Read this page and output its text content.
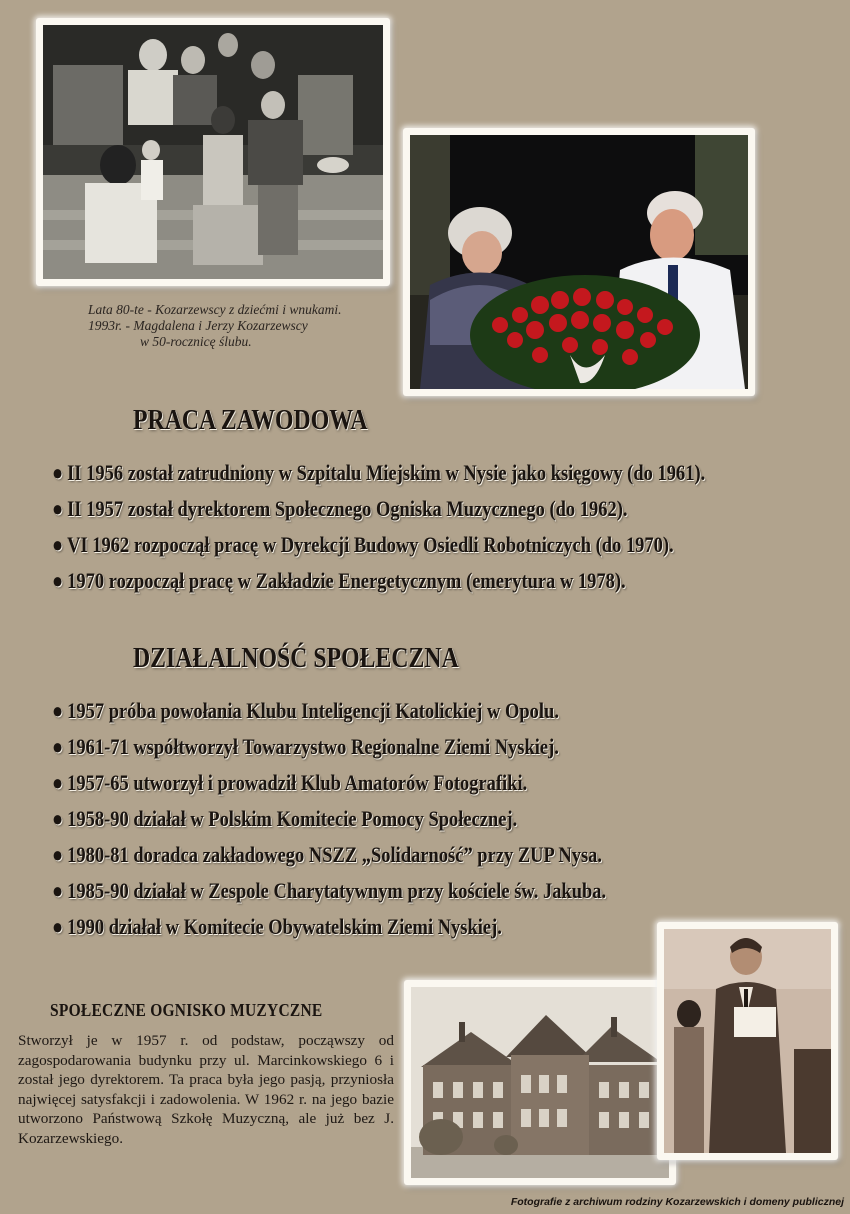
Lata 80-te - Kozarzewscy z dziećmi i wnukami.
1993r. - Magdalena i Jerzy Kozarzewscy
w 50-rocznicę ślubu.
PRACA ZAWODOWA
● II 1956 został zatrudniony w Szpitalu Miejskim w Nysie jako księgowy (do 1961).
● II 1957 został dyrektorem Społecznego Ogniska Muzycznego (do 1962).
● VI 1962 rozpoczął pracę w Dyrekcji Budowy Osiedli Robotniczych (do 1970).
● 1970 rozpoczął pracę w Zakładzie Energetycznym (emerytura w 1978).
DZIAŁALNOŚĆ SPOŁECZNA
● 1957 próba powołania Klubu Inteligencji Katolickiej w Opolu.
● 1961-71 współtworzył Towarzystwo Regionalne Ziemi Nyskiej.
● 1957-65 utworzył i prowadził Klub Amatorów Fotografiki.
● 1958-90 działał w Polskim Komitecie Pomocy Społecznej.
● 1980-81 doradca zakładowego NSZZ „Solidarność” przy ZUP Nysa.
● 1985-90 działał w Zespole Charytatywnym przy kościele św. Jakuba.
● 1990 działał w Komitecie Obywatelskim Ziemi Nyskiej.
SPOŁECZNE OGNISKO MUZYCZNE
Stworzył je w 1957 r. od podstaw, począwszy od zagospodarowania budynku przy ul. Marcinkowskiego 6 i został jego dyrektorem. Ta praca była jego pasją, przyniosła najwięcej satysfakcji i zadowolenia. W 1962 r. na jego bazie utworzono Państwową Szkołę Muzyczną, ale już bez J. Kozarzewskiego.
Fotografie z archiwum rodziny Kozarzewskich i domeny publicznej
